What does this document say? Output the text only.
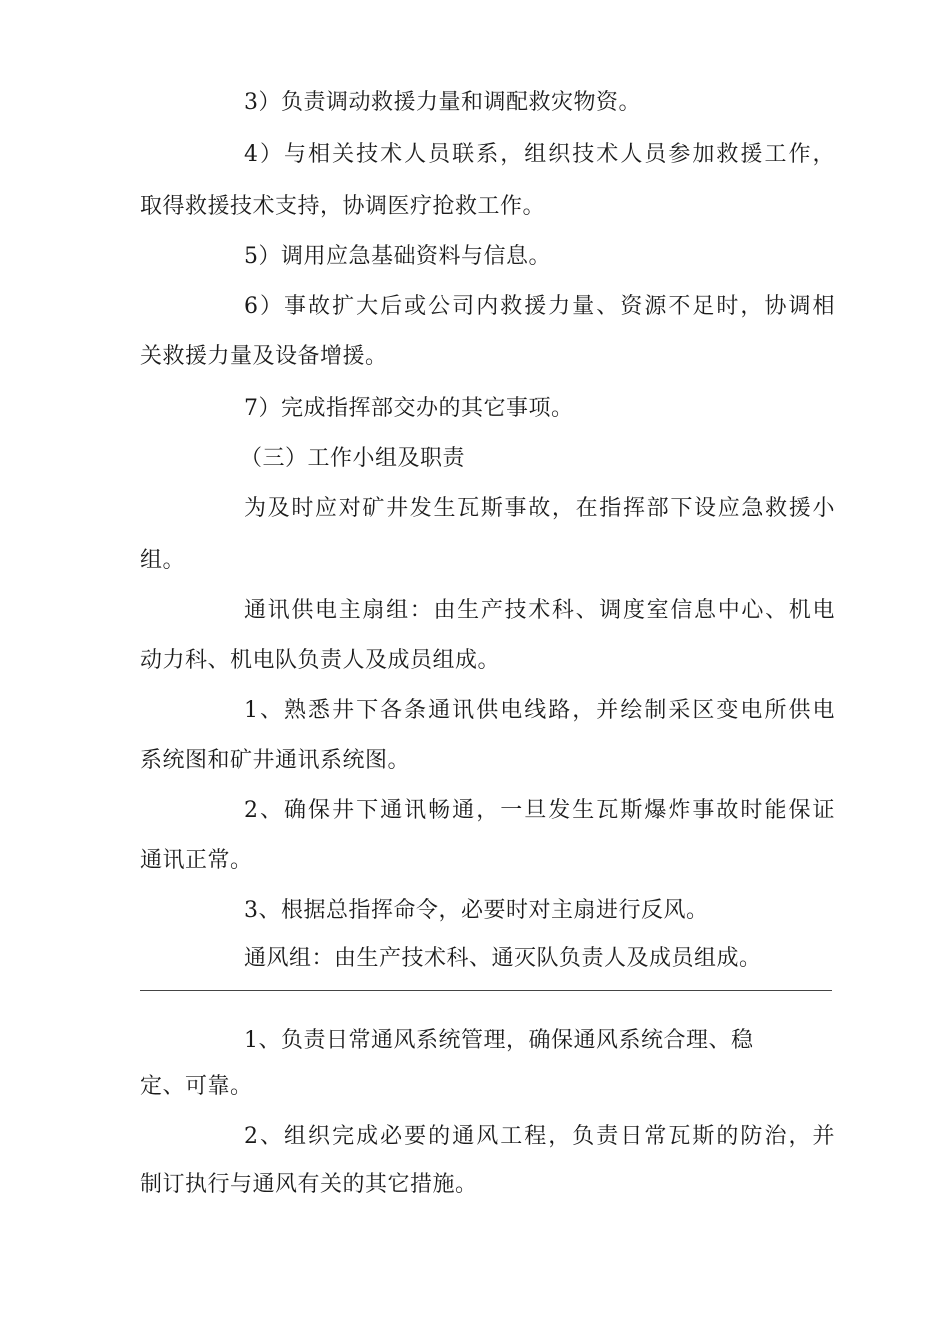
3）负责调动救援力量和调配救灾物资。
4）与相关技术人员联系，组织技术人员参加救援工作，
取得救援技术支持，协调医疗抢救工作。
5）调用应急基础资料与信息。
6）事故扩大后或公司内救援力量、资源不足时，协调相
关救援力量及设备增援。
7）完成指挥部交办的其它事项。
（三）工作小组及职责
为及时应对矿井发生瓦斯事故，在指挥部下设应急救援小
组。
通讯供电主扇组：由生产技术科、调度室信息中心、机电
动力科、机电队负责人及成员组成。
1、熟悉井下各条通讯供电线路，并绘制采区变电所供电
系统图和矿井通讯系统图。
2、确保井下通讯畅通，一旦发生瓦斯爆炸事故时能保证
通讯正常。
3、根据总指挥命令，必要时对主扇进行反风。
通风组：由生产技术科、通灭队负责人及成员组成。
1、负责日常通风系统管理，确保通风系统合理、稳
定、可靠。
2、组织完成必要的通风工程，负责日常瓦斯的防治，并
制订执行与通风有关的其它措施。
